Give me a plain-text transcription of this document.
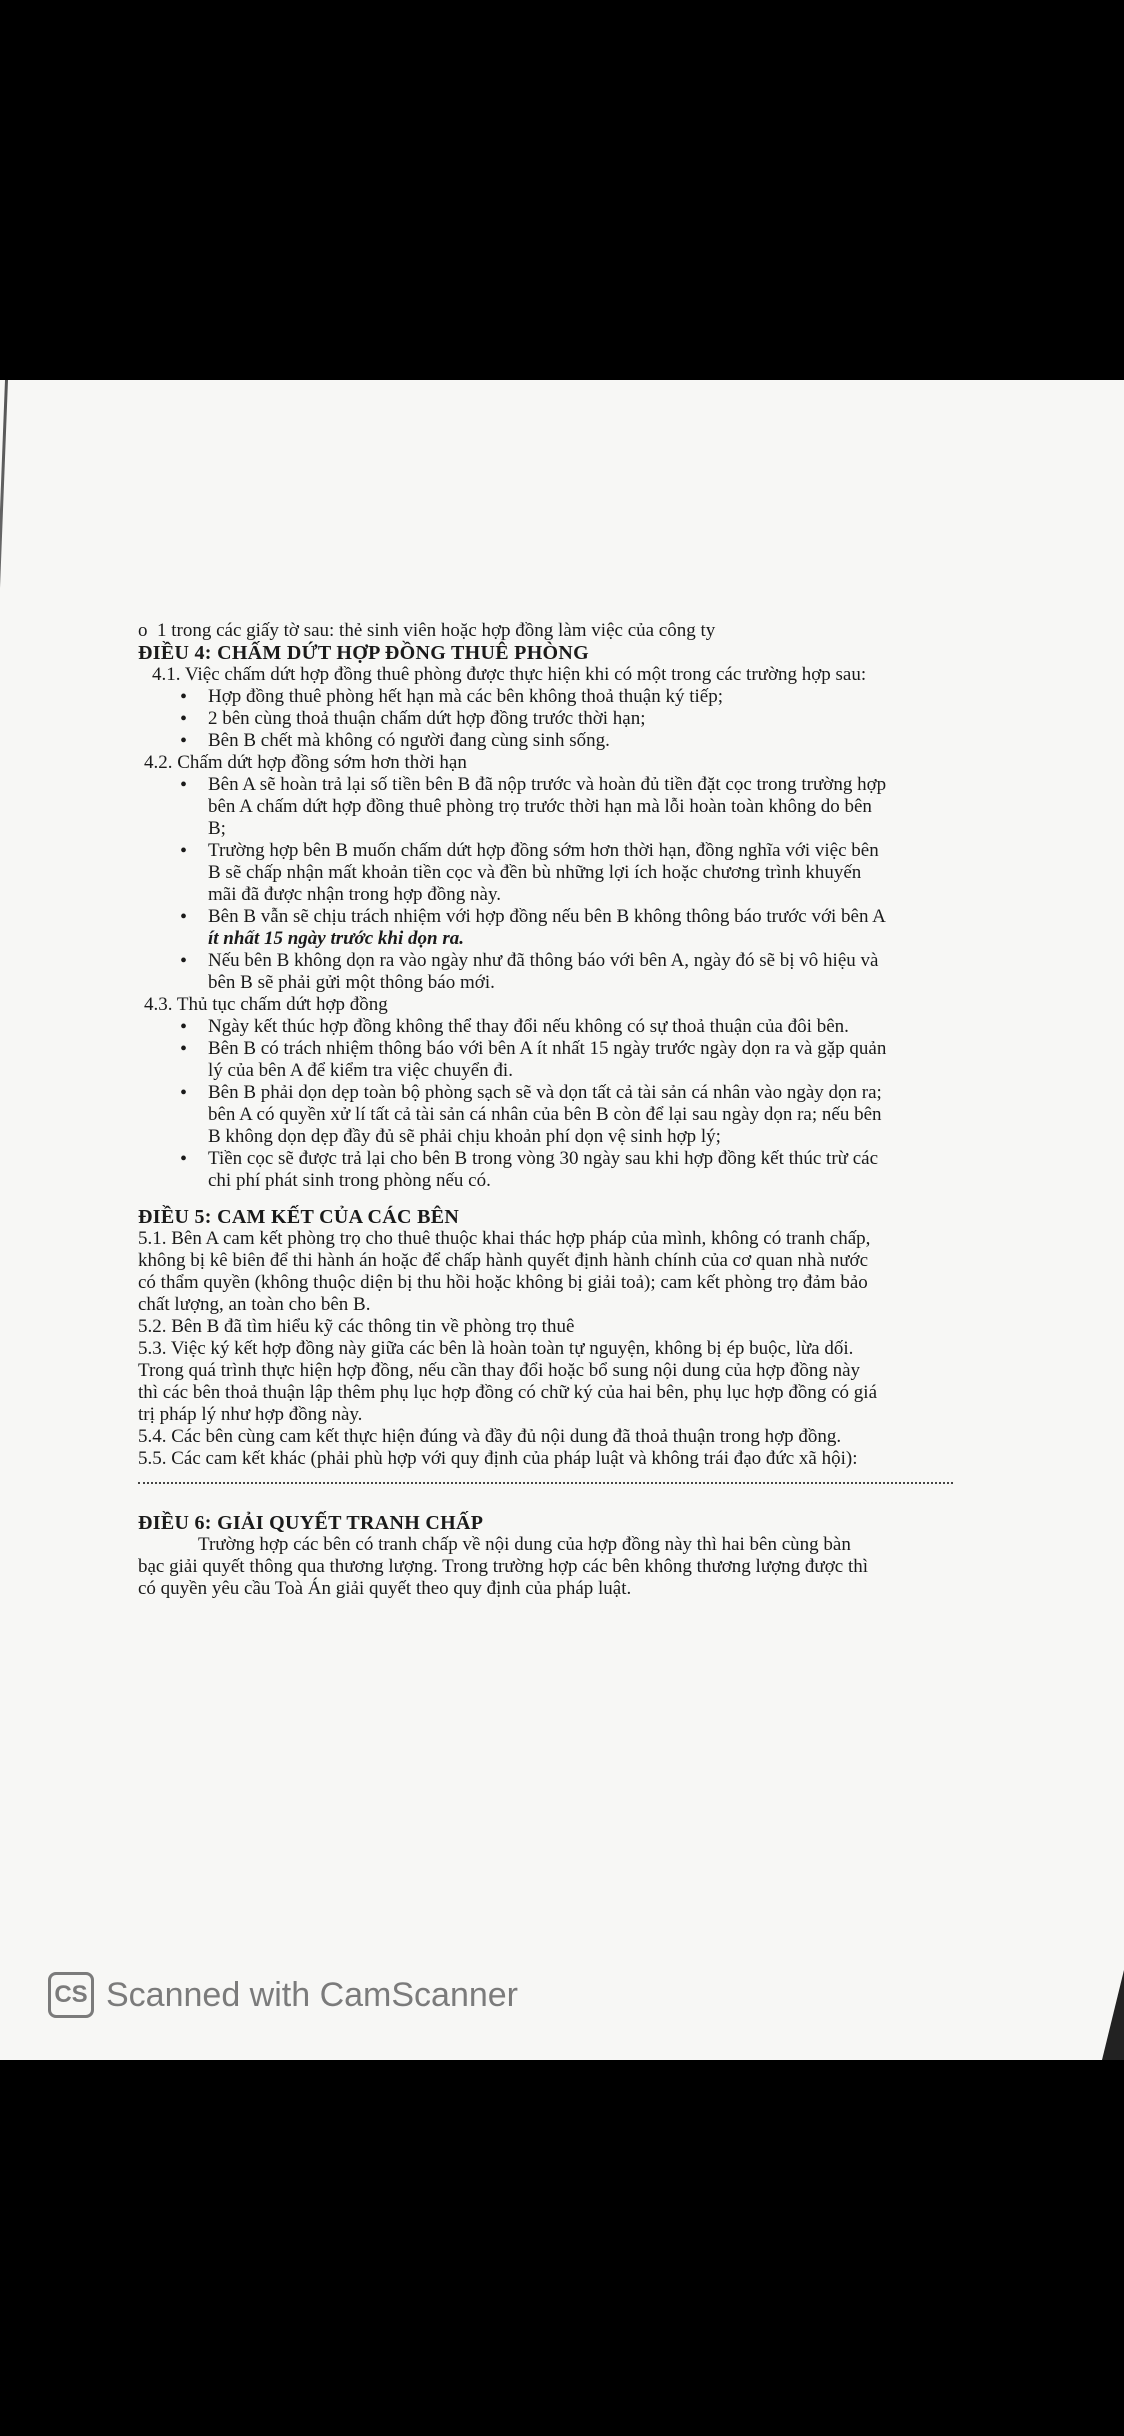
o  1 trong các giấy tờ sau: thẻ sinh viên hoặc hợp đồng làm việc của công ty

ĐIỀU 4: CHẤM DỨT HỢP ĐỒNG THUÊ PHÒNG

4.1. Việc chấm dứt hợp đồng thuê phòng được thực hiện khi có một trong các trường hợp sau:

• Hợp đồng thuê phòng hết hạn mà các bên không thoả thuận ký tiếp;
• 2 bên cùng thoả thuận chấm dứt hợp đồng trước thời hạn;
• Bên B chết mà không có người đang cùng sinh sống.

4.2. Chấm dứt hợp đồng sớm hơn thời hạn

• Bên A sẽ hoàn trả lại số tiền bên B đã nộp trước và hoàn đủ tiền đặt cọc trong trường hợp
bên A chấm dứt hợp đồng thuê phòng trọ trước thời hạn mà lỗi hoàn toàn không do bên
B;
• Trường hợp bên B muốn chấm dứt hợp đồng sớm hơn thời hạn, đồng nghĩa với việc bên
B sẽ chấp nhận mất khoản tiền cọc và đền bù những lợi ích hoặc chương trình khuyến
mãi đã được nhận trong hợp đồng này.
• Bên B vẫn sẽ chịu trách nhiệm với hợp đồng nếu bên B không thông báo trước với bên A
ít nhất 15 ngày trước khi dọn ra.
• Nếu bên B không dọn ra vào ngày như đã thông báo với bên A, ngày đó sẽ bị vô hiệu và
bên B sẽ phải gửi một thông báo mới.

4.3. Thủ tục chấm dứt hợp đồng

• Ngày kết thúc hợp đồng không thể thay đổi nếu không có sự thoả thuận của đôi bên.
• Bên B có trách nhiệm thông báo với bên A ít nhất 15 ngày trước ngày dọn ra và gặp quản
lý của bên A để kiểm tra việc chuyển đi.
• Bên B phải dọn dẹp toàn bộ phòng sạch sẽ và dọn tất cả tài sản cá nhân vào ngày dọn ra;
bên A có quyền xử lí tất cả tài sản cá nhân của bên B còn để lại sau ngày dọn ra; nếu bên
B không dọn dẹp đầy đủ sẽ phải chịu khoản phí dọn vệ sinh hợp lý;
• Tiền cọc sẽ được trả lại cho bên B trong vòng 30 ngày sau khi hợp đồng kết thúc trừ các
chi phí phát sinh trong phòng nếu có.

ĐIỀU 5: CAM KẾT CỦA CÁC BÊN

5.1. Bên A cam kết phòng trọ cho thuê thuộc khai thác hợp pháp của mình, không có tranh chấp,

không bị kê biên để thi hành án hoặc để chấp hành quyết định hành chính của cơ quan nhà nước

có thẩm quyền (không thuộc diện bị thu hồi hoặc không bị giải toả); cam kết phòng trọ đảm bảo

chất lượng, an toàn cho bên B.

5.2. Bên B đã tìm hiểu kỹ các thông tin về phòng trọ thuê

5.3. Việc ký kết hợp đồng này giữa các bên là hoàn toàn tự nguyện, không bị ép buộc, lừa dối.

Trong quá trình thực hiện hợp đồng, nếu cần thay đổi hoặc bổ sung nội dung của hợp đồng này

thì các bên thoả thuận lập thêm phụ lục hợp đồng có chữ ký của hai bên, phụ lục hợp đồng có giá

trị pháp lý như hợp đồng này.

5.4. Các bên cùng cam kết thực hiện đúng và đầy đủ nội dung đã thoả thuận trong hợp đồng.

5.5. Các cam kết khác (phải phù hợp với quy định của pháp luật và không trái đạo đức xã hội):

ĐIỀU 6: GIẢI QUYẾT TRANH CHẤP

Trường hợp các bên có tranh chấp về nội dung của hợp đồng này thì hai bên cùng bàn

bạc giải quyết thông qua thương lượng. Trong trường hợp các bên không thương lượng được thì

có quyền yêu cầu Toà Án giải quyết theo quy định của pháp luật.

CS Scanned with CamScanner
